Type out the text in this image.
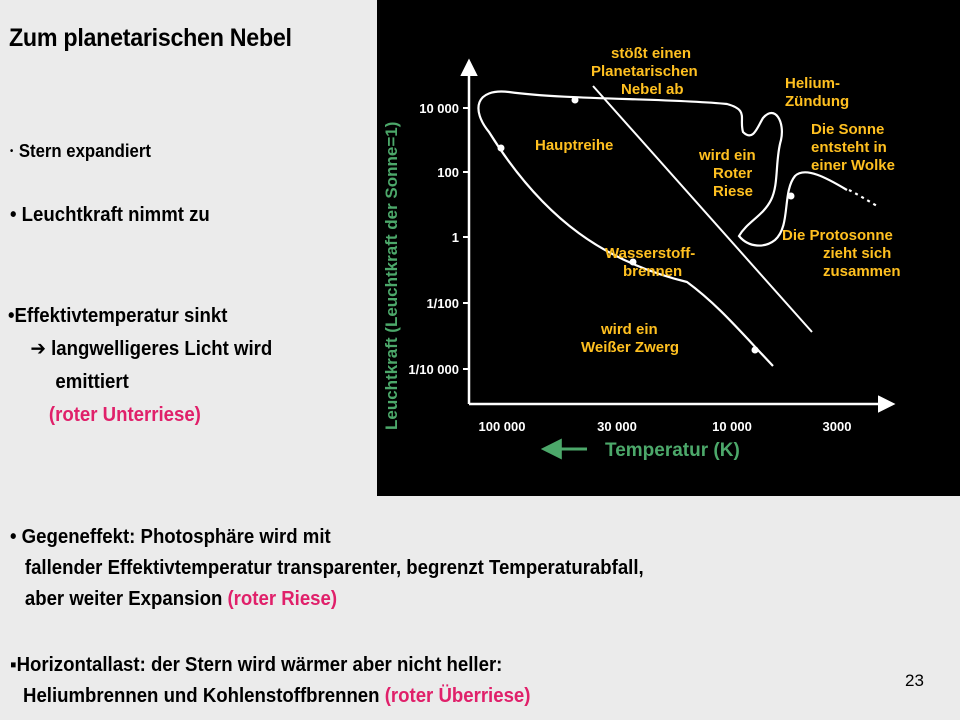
Zum planetarischen Nebel
• Stern expandiert
• Leuchtkraft nimmt zu
•Effektivtemperatur sinkt
➔ langwelligeres Licht wird
emittiert
(roter Unterriese)
• Gegeneffekt: Photosphäre wird mit
fallender Effektivtemperatur transparenter, begrenzt Temperaturabfall,
aber weiter Expansion (roter Riese)
▪Horizontallast: der Stern wird wärmer aber nicht heller:
Heliumbrennen und Kohlenstoffbrennen (roter Überriese)
23
Leuchtkraft (Leuchtkraft der Sonne=1)
10 000
100
1
1/100
1/10 000
100 000	30 000	10 000	3000
Temperatur (K)
stößt einen
Planetarischen
Nebel ab	Helium-
Zündung
Die Sonne
entsteht in
einer Wolke
Hauptreihe
wird ein
Roter
Riese
Die Protosonne
zieht sich
zusammen
Wasserstoff-
brennen
wird ein
Weißer Zwerg
